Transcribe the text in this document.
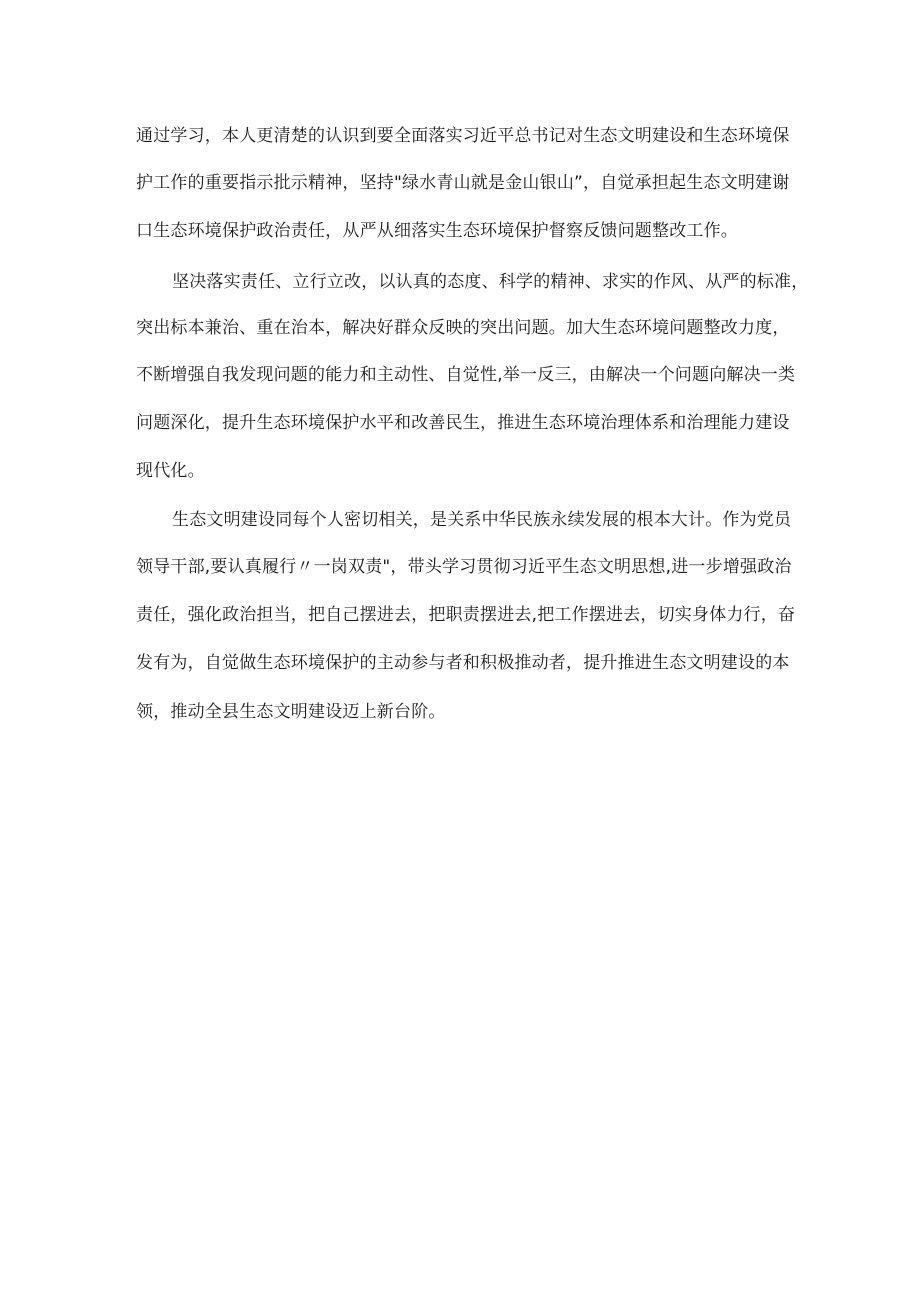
通过学习，本人更清楚的认识到要全面落实习近平总书记对生态文明建设和生态环境保
护工作的重要指示批示精神，坚持"绿水青山就是金山银山”，自觉承担起生态文明建谢
口生态环境保护政治责任，从严从细落实生态环境保护督察反馈问题整改工作。
坚决落实责任、立行立改，以认真的态度、科学的精神、求实的作风、从严的标准，
突出标本兼治、重在治本，解决好群众反映的突出问题。加大生态环境问题整改力度，
不断增强自我发现问题的能力和主动性、自觉性,举一反三，由解决一个问题向解决一类
问题深化，提升生态环境保护水平和改善民生，推进生态环境治理体系和治理能力建设
现代化。
生态文明建设同每个人密切相关，是关系中华民族永续发展的根本大计。作为党员
领导干部,要认真履行〃一岗双责"，带头学习贯彻习近平生态文明思想,进一步增强政治
责任，强化政治担当，把自己摆进去，把职责摆进去,把工作摆进去，切实身体力行，奋
发有为，自觉做生态环境保护的主动参与者和积极推动者，提升推进生态文明建设的本
领，推动全县生态文明建设迈上新台阶。
